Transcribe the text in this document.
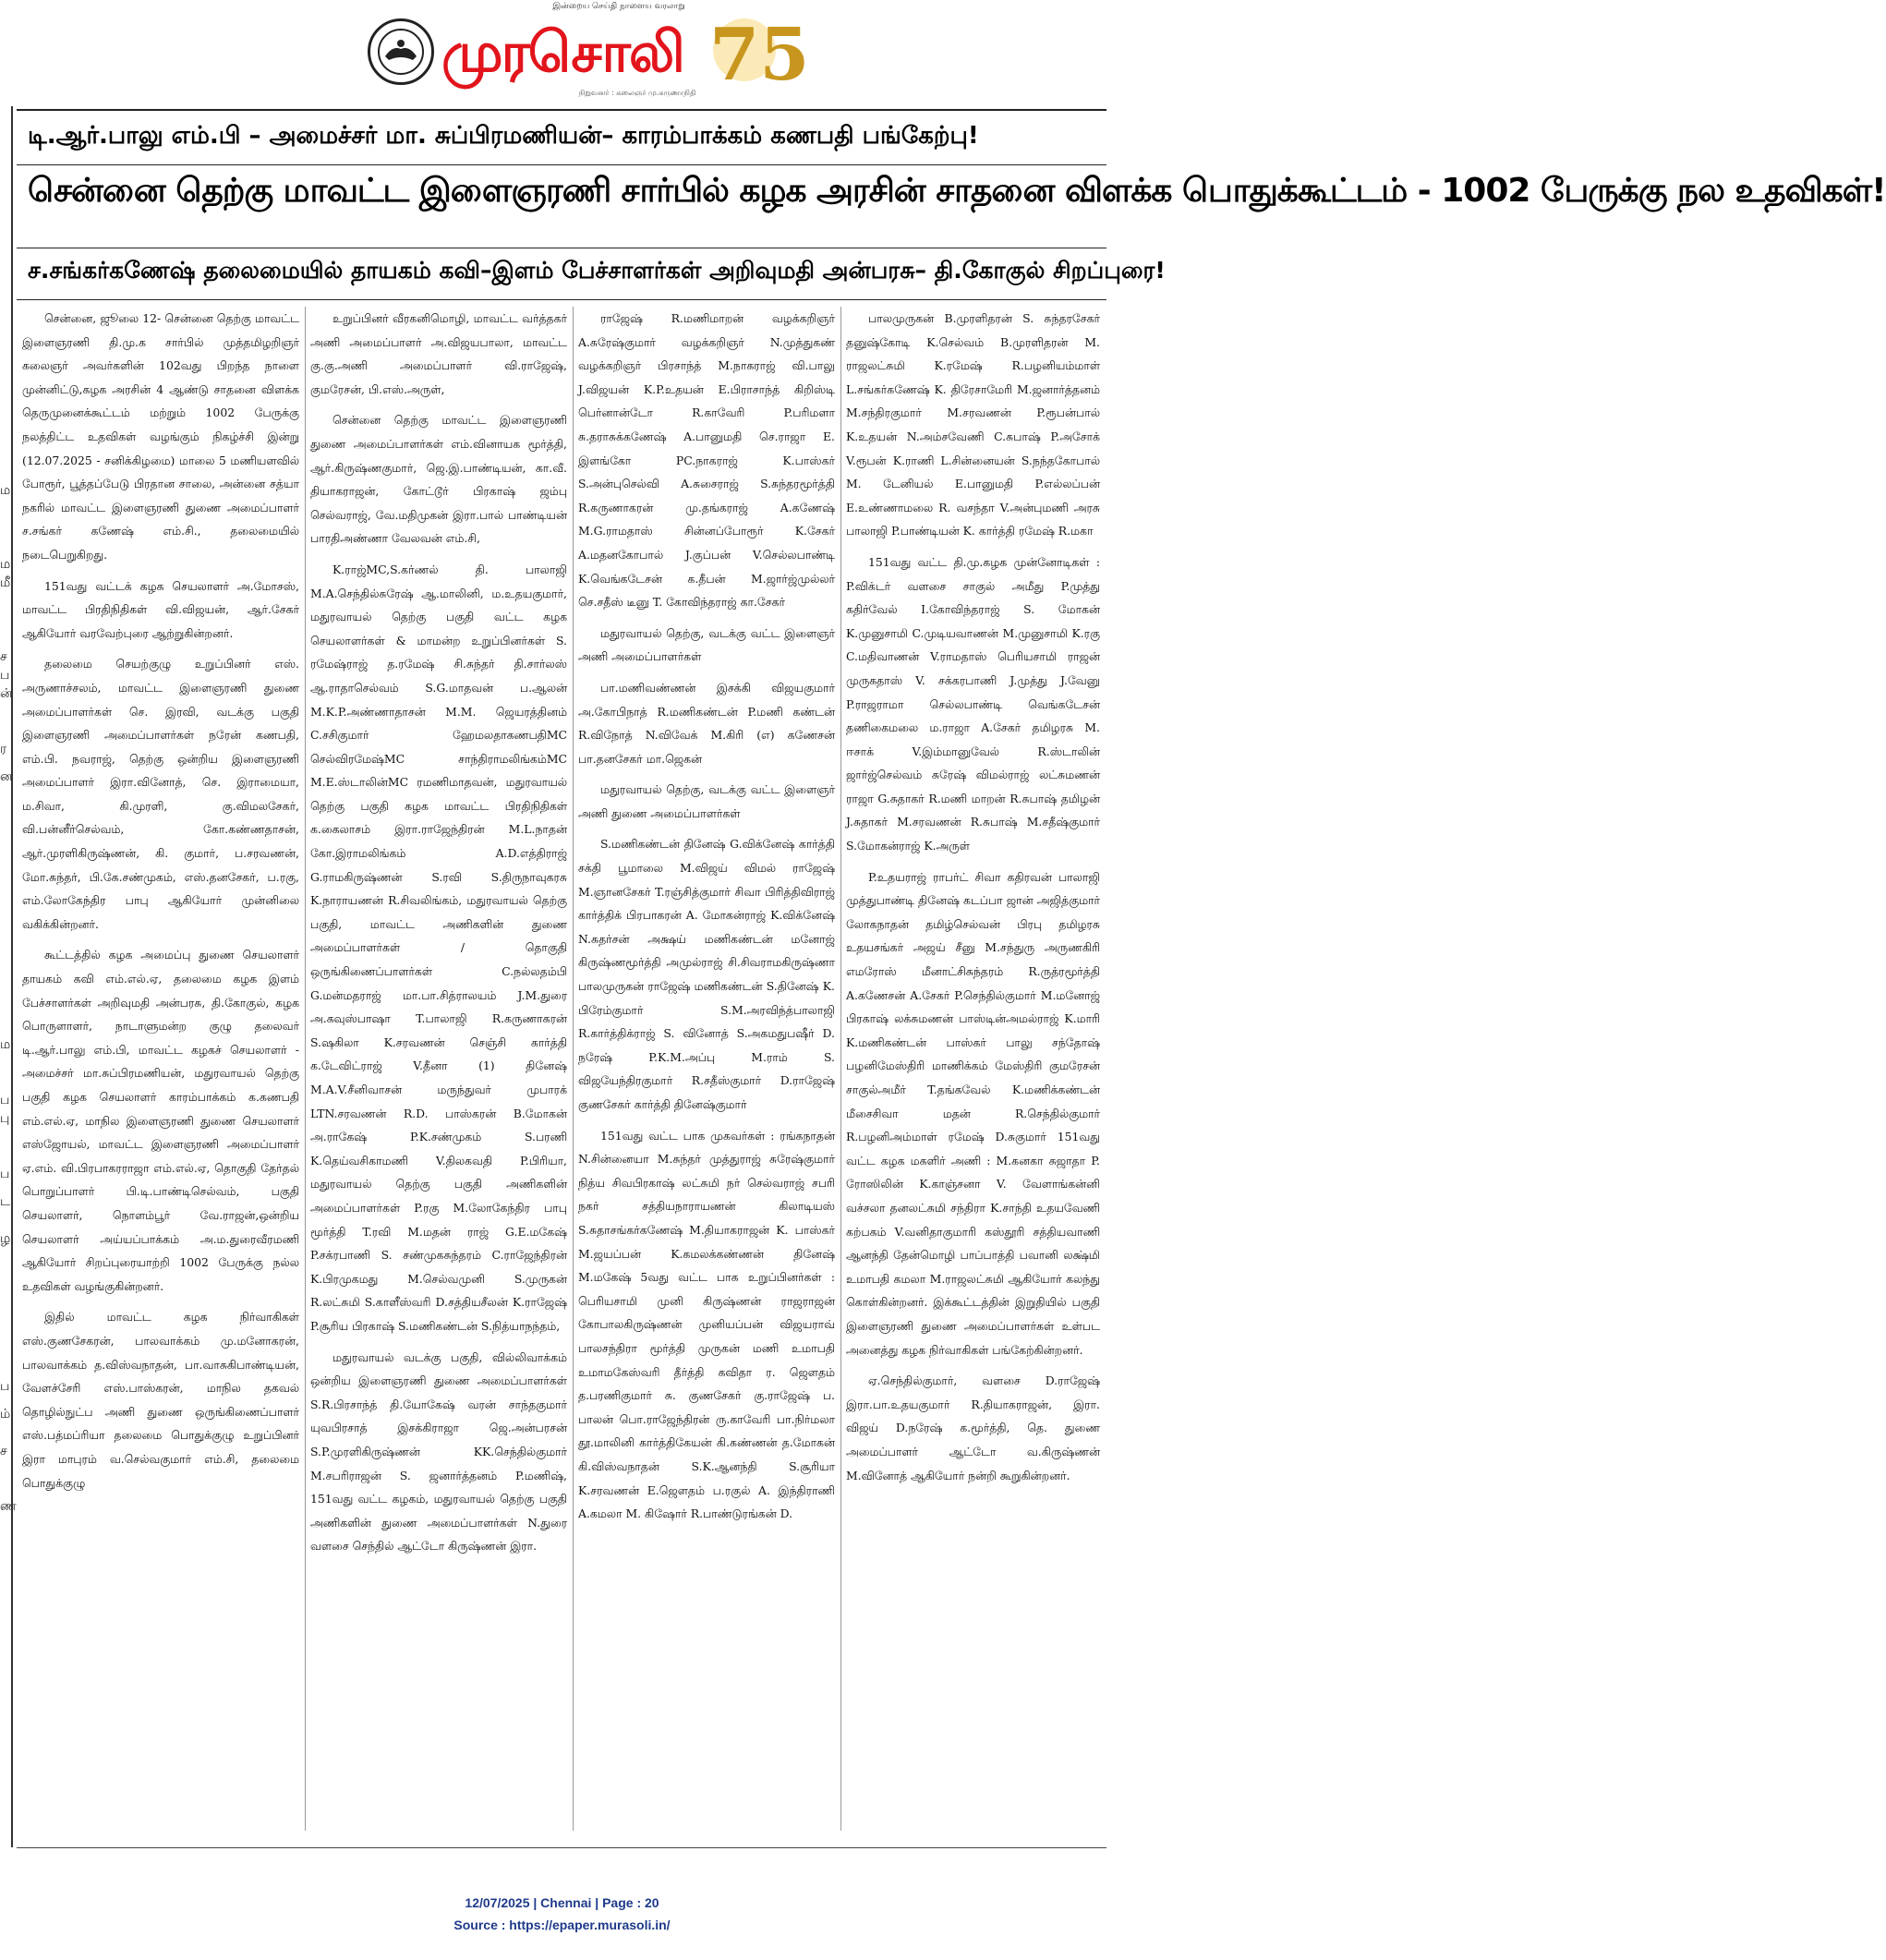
இன்றைய செய்தி நாளைய வரலாறு
முரசொலி 75
நிறுவனர் : கலைஞர் மு.கருணாநிதி
டி.ஆர்.பாலு எம்.பி – அமைச்சர் மா. சுப்பிரமணியன்– காரம்பாக்கம் கணபதி பங்கேற்பு!
சென்னை தெற்கு மாவட்ட இளைஞரணி சார்பில் கழக அரசின் சாதனை விளக்க பொதுக்கூட்டம் - 1002 பேருக்கு நல உதவிகள்!
ச.சங்கர்கணேஷ் தலைமையில் தாயகம் கவி–இளம் பேச்சாளர்கள் அறிவுமதி அன்பரசு– தி.கோகுல் சிறப்புரை!
ம
ம
மீ
ச
ப
ன்
ர
ன
ம
ப
பு
ப
ட
ழ
ப
ம்
ச
ண

சென்னை, ஜூலை 12- சென்னை தெற்கு மாவட்ட இளைஞரணி தி.மு.க சார்பில் முத்தமிழறிஞர் கலைஞர் அவர்களின் 102வது பிறந்த நாளை முன்னிட்டு,கழக அரசின் 4 ஆண்டு சாதனை விளக்க தெருமுனைக்கூட்டம் மற்றும் 1002 பேருக்கு நலத்திட்ட உதவிகள் வழங்கும் நிகழ்ச்சி இன்று (12.07.2025 - சனிக்கிழமை) மாலை 5 மணியளவில் போரூர், பூத்தப்பேடு பிரதான சாலை, அன்னை சத்யா நகரில் மாவட்ட இளைஞரணி துணை அமைப்பாளர் ச.சங்கர் கணேஷ் எம்.சி., தலைமையில் நடைபெறுகிறது.

151வது வட்டக் கழக செயலாளர் அ.மோசஸ், மாவட்ட பிரதிநிதிகள் வி.விஜயன், ஆர்.சேகர் ஆகியோர் வரவேற்புரை ஆற்றுகின்றனர்.

தலைமை செயற்குழு உறுப்பினர் எஸ். அருணாச்சலம், மாவட்ட இளைஞரணி துணை அமைப்பாளர்கள் செ. இரவி, வடக்கு பகுதி இளைஞரணி அமைப்பாளர்கள் நரேன் கணபதி, எம்.பி. நவராஜ், தெற்கு ஒன்றிய இளைஞரணி அமைப்பாளர் இரா.வினோத், செ. இராமையா, ம.சிவா, கி.முரளி, கு.விமலசேகர், வி.பன்னீர்செல்வம், கோ.கண்ணதாசன், ஆர்.முரளிகிருஷ்ணன், கி. குமார், ப.சரவணன், மோ.சுந்தர், பி.கே.சண்முகம், எஸ்.தனசேகர், ப.ரகு, எம்.லோகேந்திர பாபு ஆகியோர் முன்னிலை வகிக்கின்றனர்.

கூட்டத்தில் கழக அமைப்பு துணை செயலாளர் தாயகம் கவி எம்.எல்.ஏ, தலைமை கழக இளம் பேச்சாளர்கள் அறிவுமதி அன்பரசு, தி.கோகுல், கழக பொருளாளர், நாடாளுமன்ற குழு தலைவர் டி.ஆர்.பாலு எம்.பி, மாவட்ட கழகச் செயலாளர் - அமைச்சர் மா.சுப்பிரமணியன், மதுரவாயல் தெற்கு பகுதி கழக செயலாளர் காரம்பாக்கம் க.கணபதி எம்.எல்.ஏ, மாநில இளைஞரணி துணை செயலாளர் எஸ்ஜோயல், மாவட்ட இளைஞரணி அமைப்பாளர் ஏ.எம். வி.பிரபாகரராஜா எம்.எல்.ஏ, தொகுதி தேர்தல் பொறுப்பாளர் பி.டி.பாண்டிசெல்வம், பகுதி செயலாளர், நொளம்பூர் வே.ராஜன்,ஒன்றிய செயலாளர் அய்யப்பாக்கம் அ.ம.துரைவீரமணி ஆகியோர் சிறப்புரையாற்றி 1002 பேருக்கு நல்ல உதவிகள் வழங்குகின்றனர்.

இதில் மாவட்ட கழக நிர்வாகிகள் எஸ்.குணசேகரன், பாலவாக்கம் மு.மனோகரன், பாலவாக்கம் த.விஸ்வநாதன், பா.வாசுகிபாண்டியன், வேளச்சேரி எஸ்.பாஸ்கரன், மாநில தகவல் தொழில்நுட்ப அணி துணை ஒருங்கிணைப்பாளர் எஸ்.பத்மப்ரியா தலைமை பொதுக்குழு உறுப்பினர் இரா மாபுரம் வ.செல்வகுமார் எம்.சி, தலைமை பொதுக்குழு

உறுப்பினர் வீரகனிமொழி, மாவட்ட வர்த்தகர் அணி அமைப்பாளர் அ.விஜயபாலா, மாவட்ட கு.கு.அணி அமைப்பாளர் வி.ராஜேஷ், குமரேசன், பி.எஸ்.அருள்,

சென்னை தெற்கு மாவட்ட இளைஞரணி துணை அமைப்பாளர்கள் எம்.வினாயக மூர்த்தி, ஆர்.கிருஷ்ணகுமார், ஜெ.இ.பாண்டியன், கா.வீ. தியாகராஜன், கோட்டூர் பிரகாஷ் ஜம்பு செல்வராஜ், வே.மதிமுகன் இரா.பால் பாண்டியன் பாரதிஅண்ணா வேலவன் எம்.சி,

K.ராஜ்MC,S.கர்ணல் தி. பாலாஜி M.A.செந்தில்சுரேஷ் ஆ.மாலினி, ம.உதயகுமார், மதுரவாயல் தெற்கு பகுதி வட்ட கழக செயலாளர்கள் & மாமன்ற உறுப்பினர்கள் S. ரமேஷ்ராஜ் த.ரமேஷ் சி.சுந்தர் தி.சார்லஸ் ஆ.ராதாசெல்வம் S.G.மாதவன் ப.ஆலன் M.K.P.அண்ணாதாசன் M.M. ஜெயரத்தினம் C.சசிகுமார் ஹேமலதாகணபதிMC செல்விரமேஷ்MC சாந்திராமலிங்கம்MC M.E.ஸ்டாலின்MC ரமணிமாதவன், மதுரவாயல் தெற்கு பகுதி கழக மாவட்ட பிரதிநிதிகள் க.கைலாசம் இரா.ராஜேந்திரன் M.L.நாதன் கோ.இராமலிங்கம் A.D.எத்திராஜ் G.ராமகிருஷ்ணன் S.ரவி S.திருநாவுகரசு K.நாராயணன் R.சிவலிங்கம், மதுரவாயல் தெற்கு பகுதி, மாவட்ட அணிகளின் துணை அமைப்பாளர்கள் / தொகுதி ஒருங்கிணைப்பாளர்கள் C.நல்லதம்பி G.மன்மதராஜ் மா.பா.சித்ராலயம் J.M.துரை அ.கவுஸ்பாஷா T.பாலாஜி R.கருணாகரன் S.ஷகிலா K.சரவணன் செஞ்சி கார்த்தி க.டேவிட்ராஜ் V.தீனா (1) தினேஷ் M.A.V.சீனிவாசன் மருந்துவர் முபாரக் LTN.சரவணன் R.D. பாஸ்கரன் B.மோகன் அ.ராகேஷ் P.K.சண்முகம் S.பரணி K.தெய்வசிகாமணி V.திலகவதி P.பிரியா, மதுரவாயல் தெற்கு பகுதி அணிகளின் அமைப்பாளர்கள் P.ரகு M.லோகேந்திர பாபு மூர்த்தி T.ரவி M.மதன் ராஜ் G.E.மகேஷ் P.சக்ரபாணி S. சண்முகசுந்தரம் C.ராஜேந்திரன் K.பிரமுகமது M.செல்வமுனி S.முருகன் R.லட்சுமி S.காளீஸ்வரி D.சத்தியசீலன் K.ராஜேஷ் P.சூரிய பிரகாஷ் S.மணிகண்டன் S.நித்யாநந்தம்,

மதுரவாயல் வடக்கு பகுதி, வில்லிவாக்கம் ஒன்றிய இளைஞரணி துணை அமைப்பாளர்கள் S.R.பிரசாந்த் தி.யோகேஷ் வரன் சாந்தகுமார் யுவபிரசாத் இசக்கிராஜா ஜெ.அன்பரசன் S.P.முரளிகிருஷ்ணன் KK.செந்தில்குமார் M.சபரிராஜன் S. ஜனார்த்தனம் P.மணிஷ், 151வது வட்ட கழகம், மதுரவாயல் தெற்கு பகுதி அணிகளின் துணை அமைப்பாளர்கள் N.துரை வளசை செந்தில் ஆட்டோ கிருஷ்ணன் இரா.

ராஜேஷ் R.மணிமாறன் வழக்கறிஞர் A.சுரேஷ்குமார் வழக்கறிஞர் N.முத்துகண் வழக்கறிஞர் பிரசாந்த் M.நாகராஜ் வி.பாலு J.விஜயன் K.P.உதயன் E.பிராசாந்த் கிறிஸ்டி பெர்னான்டோ R.காவேரி P.பரிமளா சு.தராசுக்கணேஷ் A.பானுமதி செ.ராஜா E. இளங்கோ PC.நாகராஜ் K.பாஸ்கர் S.அன்புசெல்வி A.சுசைராஜ் S.சுந்தரமூர்த்தி R.கருணாகரன் மு.தங்கராஜ் A.கணேஷ் M.G.ராமதாஸ் சின்னப்போரூர் K.சேகர் A.மதனகோபால் J.குப்பன் V.செல்லபாண்டி K.வெங்கடேசன் க.தீபன் M.ஜார்ஜ்முல்லர் செ.சதீஸ் டீனு T. கோவிந்தராஜ் கா.சேகர்

மதுரவாயல் தெற்கு, வடக்கு வட்ட இளைஞர் அணி அமைப்பாளர்கள்

பா.மணிவண்ணன் இசக்கி விஜயகுமார் அ.கோபிநாத் R.மணிகண்டன் P.மணி கண்டன் R.விநோத் N.விவேக் M.கிரி (எ) கணேசன் பா.தனசேகர் மா.ஜெகன்

மதுரவாயல் தெற்கு, வடக்கு வட்ட இளைஞர் அணி துணை அமைப்பாளர்கள்

S.மணிகண்டன் தினேஷ் G.விக்னேஷ் கார்த்தி சக்தி பூமாலை M.விஜய் விமல் ராஜேஷ் M.ஞானசேகர் T.ரஞ்சித்குமார் சிவா பிரித்திவிராஜ் கார்த்திக் பிரபாகரன் A. மோகன்ராஜ் K.விக்னேஷ் N.சுதர்சன் அக்ஷய் மணிகண்டன் மனோஜ் கிருஷ்ணமூர்த்தி அமுல்ராஜ் சி.சிவராமகிருஷ்ணா பாலமுருகன் ராஜேஷ் மணிகண்டன் S.தினேஷ் K. பிரேம்குமார் S.M.அரவிந்த்பாலாஜி R.கார்த்திக்ராஜ் S. வினோத் S.அகமதுபஷீர் D. நரேஷ் P.K.M.அப்பு M.ராம் S. விஜயேந்திரகுமார் R.சதீஸ்குமார் D.ராஜேஷ் குணசேகர் கார்த்தி தினேஷ்குமார்

151வது வட்ட பாக முகவர்கள் : ரங்கநாதன் N.சின்னையா M.சுந்தர் முத்துராஜ் சுரேஷ்குமார் நித்ய சிவபிரகாஷ் லட்சுமி நர் செல்வராஜ் சபரி நகர் சத்தியநாராயணன் கிலாடியஸ் S.சுதாசங்கர்கணேஷ் M.தியாகராஜன் K. பாஸ்கர் M.ஜயப்பன் K.கமலக்கண்ணன் தினேஷ் M.மகேஷ் 5வது வட்ட பாக உறுப்பினர்கள் : பெரியசாமி முனி கிருஷ்ணன் ராஜராஜன் கோபாலகிருஷ்ணன் முனியப்பன் விஜயராவ் பாலசந்திரா மூர்த்தி முருகன் மணி உமாபதி உமாமகேஸ்வரி தீர்த்தி கவிதா ர. ஜெளதம் த.பரணிகுமார் சு. குணசேகர் கு.ராஜேஷ் ப. பாலன் பொ.ராஜேந்திரன் ரு.காவேரி பா.நிர்மலா தூ.மாலினி கார்த்திகேயன் கி.கண்ணன் த.மோகன் கி.விஸ்வநாதன் S.K.ஆனந்தி S.சூரியா K.சரவணன் E.ஜெளதம் ப.ரகுல் A. இந்திராணி A.கமலா M. கிஷோர் R.பாண்டுரங்கன் D.

பாலமுருகன் B.முரளிதரன் S. சுந்தரசேகர் தனுஷ்கோடி K.செல்வம் B.முரளிதரன் M. ராஜலட்சுமி K.ரமேஷ் R.பழனியம்மாள் L.சங்கர்கணேஷ் K. திரேசாமேரி M.ஜனார்த்தனம் M.சந்திரகுமார் M.சரவணன் P.ரூபன்பால் K.உதயன் N.அம்சவேணி C.சுபாஷ் P.அசோக் V.ரூபன் K.ராணி L.சின்னையன் S.நந்தகோபால் M. டேனியல் E.பானுமதி P.எல்லப்பன் E.உண்ணாமலை R. வசந்தா V.அன்புமணி அரசு பாலாஜி P.பாண்டியன் K. கார்த்தி ரமேஷ் R.மகா

151வது வட்ட தி.மு.கழக முன்னோடிகள் : P.விக்டர் வளசை சாகுல் அமீது P.முத்து கதிர்வேல் I.கோவிந்தராஜ் S. மோகன் K.முனுசாமி C.முடியவாணன் M.முனுசாமி K.ரகு C.மதிவாணன் V.ராமதாஸ் பெரியசாமி ராஜன் முருகதாஸ் V. சக்கரபாணி J.முத்து J.வேனு P.ராஜராமா செல்லபாண்டி வெங்கடேசன் தணிகைமலை ம.ராஜா A.சேகர் தமிழரசு M. ஈசாக் V.இம்மானுவேல் R.ஸ்டாலின் ஜார்ஜ்செல்வம் சுரேஷ் விமல்ராஜ் லட்சுமணன் ராஜா G.சுதாகர் R.மணி மாறன் R.சுபாஷ் தமிழன் J.சுதாகர் M.சரவணன் R.சுபாஷ் M.சதீஷ்குமார் S.மோகன்ராஜ் K.அருள்

P.உதயராஜ் ராபர்ட் சிவா கதிரவன் பாலாஜி முத்துபாண்டி தினேஷ் கடப்பா ஜான் அஜித்குமார் லோகநாதன் தமிழ்செல்வன் பிரபு தமிழரசு உதயசங்கர் அஜய் சீனு M.சந்துரு அருணகிரி எமரோஸ் மீனாட்சிசுந்தரம் R.ருத்ரமூர்த்தி A.கணேசன் A.சேகர் P.செந்தில்குமார் M.மனோஜ் பிரகாஷ் லக்சுமணன் பாஸ்டின்அமல்ராஜ் K.மாரி K.மணிகண்டன் பாஸ்கர் பாலு சந்தோஷ் பழனிமேஸ்திரி மாணிக்கம் மேஸ்திரி குமரேசன் சாகுல்அமீர் T.தங்கவேல் K.மணிக்கண்டன் மீசைசிவா மதன் R.செந்தில்குமார் R.பழனிஅம்மாள் ரமேஷ் D.சுகுமார் 151வது வட்ட கழக மகளிர் அணி : M.கனகா சுஜாதா P. ரோஸிலின் K.காஞ்சனா V. வேளாங்கன்னி வச்சலா தனலட்சுமி சந்திரா K.சாந்தி உதயவேணி கற்பகம் V.வனிதாகுமாரி கஸ்தூரி சத்தியவாணி ஆனந்தி தேன்மொழி பாப்பாத்தி பவானி லக்ஷ்மி உமாபதி கமலா M.ராஜலட்சுமி ஆகியோர் கலந்து கொள்கின்றனர். இக்கூட்டத்தின் இறுதியில் பகுதி இளைஞரணி துணை அமைப்பாளர்கள் உள்பட அனைத்து கழக நிர்வாகிகள் பங்கேற்கின்றனர்.

ஏ.செந்தில்குமார், வளசை D.ராஜேஷ் இரா.பா.உதயகுமார் R.தியாகராஜன், இரா. விஜய் D.நரேஷ் க.மூர்த்தி, தெ. துணை அமைப்பாளர் ஆட்டோ வ.கிருஷ்ணன் M.வினோத் ஆகியோர் நன்றி கூறுகின்றனர்.

12/07/2025 | Chennai | Page : 20
Source : https://epaper.murasoli.in/
